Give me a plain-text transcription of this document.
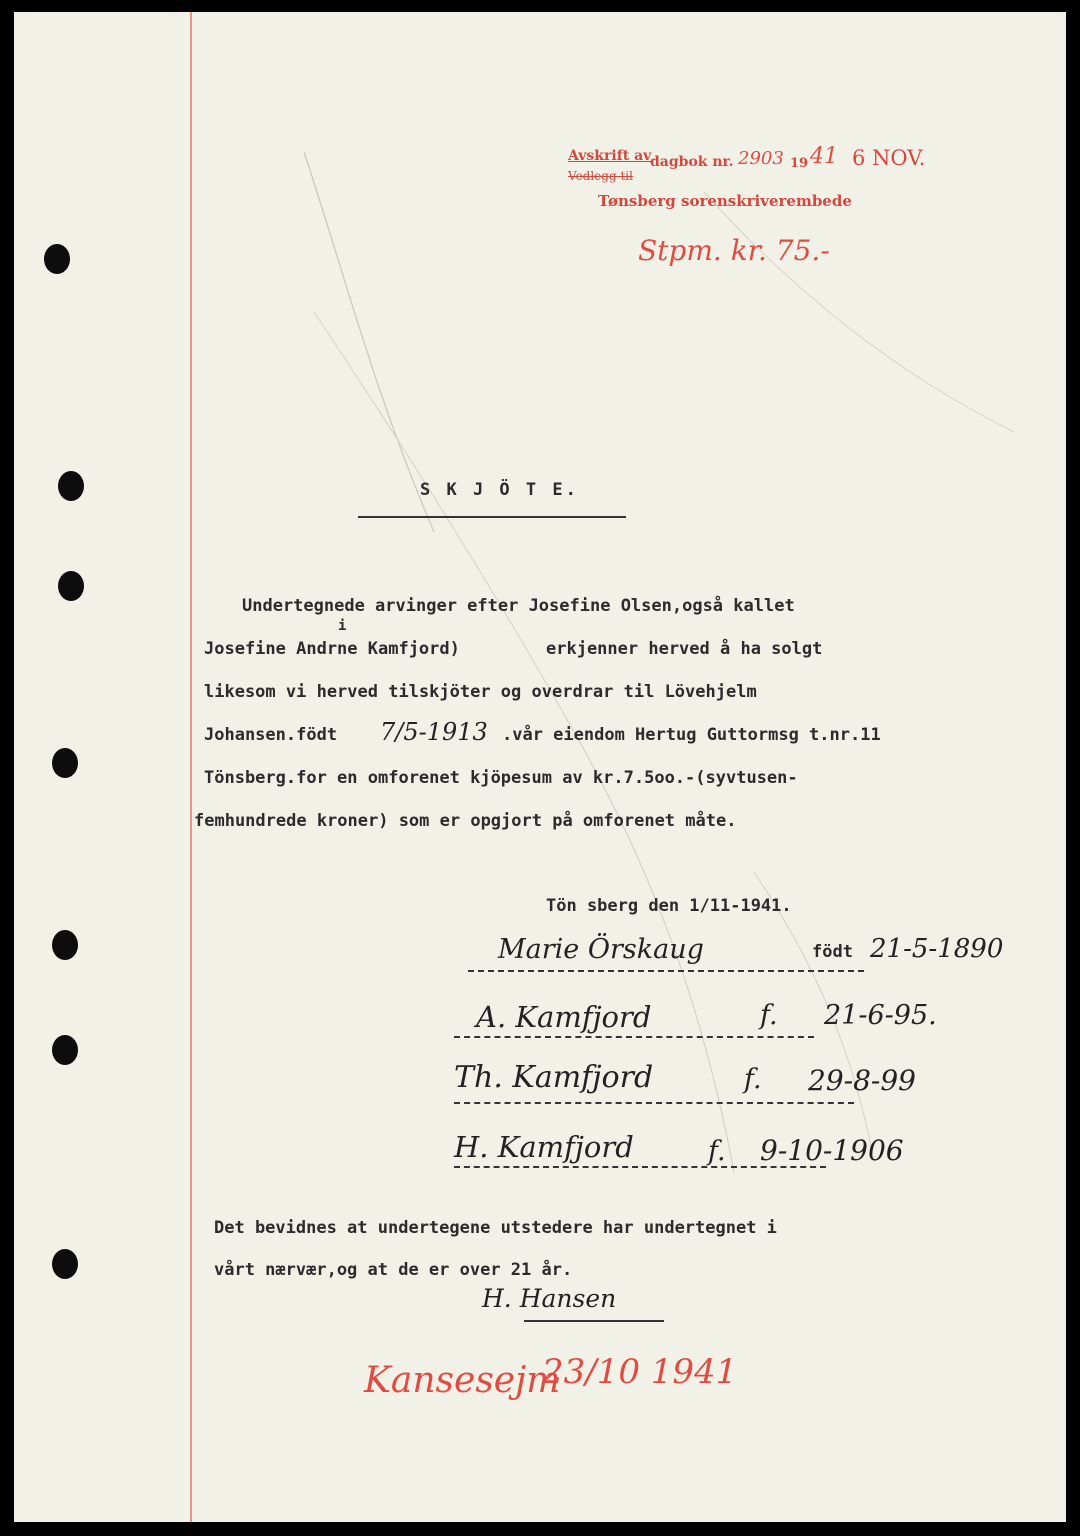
Avskrift av
Vedlegg til
dagbok nr. 2903 19 41 6 NOV.
Tønsberg sorenskriverembede
Stpm. kr. 75.-
S K J Ö T E.
Undertegnede arvinger efter Josefine Olsen,også kallet
i
Josefine Andrne Kamfjord)	erkjenner herved å ha solgt
likesom vi herved tilskjöter og overdrar til Lövehjelm
Johansen.födt 7/5-1913 .vår eiendom Hertug Guttormsg t.nr.11
Tönsberg.for en omforenet kjöpesum av kr.7.5oo.-(syvtusen-
femhundrede kroner) som er opgjort på omforenet måte.
Tön sberg den 1/11-1941.
Marie Örskaug	födt 21-5-1890
A. Kamfjord	f. 21-6-95.
Th. Kamfjord	f. 29-8-99
H. Kamfjord	f. 9-10-1906
Det bevidnes at undertegene utstedere har undertegnet i
vårt nærvær,og at de er over 21 år.
H. Hansen
Kansesejm
23/10 1941
